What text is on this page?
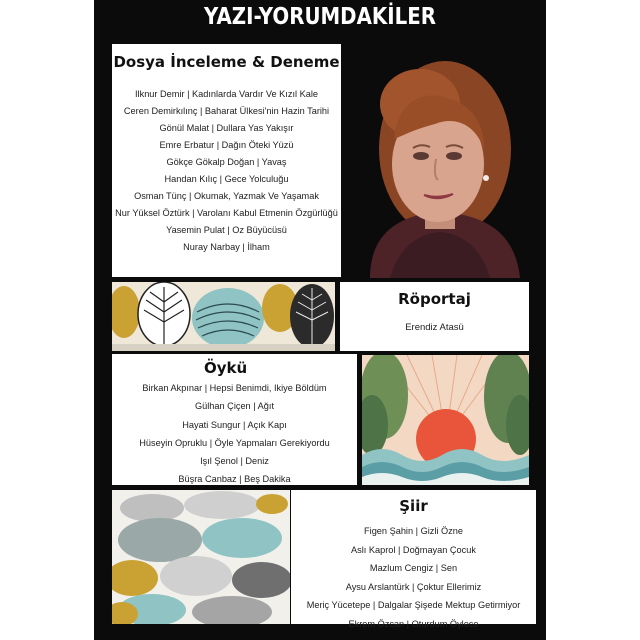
YAZI-YORUMDAKİLER
Dosya İnceleme & Deneme
Ilknur Demir | Kadınlarda Vardır Ve Kızıl Kale
Ceren Demirkılınç | Baharat Ülkesi'nin Hazin Tarihi
Gönül Malat | Dullara Yas Yakışır
Emre Erbatur | Dağın Öteki Yüzü
Gökçe Gökalp Doğan | Yavaş
Handan Kılıç | Gece Yolculuğu
Osman Tünç | Okumak, Yazmak Ve Yaşamak
Nur Yüksel Öztürk | Varolanı Kabul Etmenin Özgürlüğü
Yasemin Pulat | Oz Büyücüsü
Nuray Narbay | İlham
Röportaj
Erendiz Atasü
Öykü
Birkan Akpınar | Hepsi Benimdi, Ikiye Böldüm
Gülhan Çiçen | Ağıt
Hayati Sungur | Açık Kapı
Hüseyin Opruklu | Öyle Yapmaları Gerekiyordu
Işıl Şenol | Deniz
Büşra Canbaz | Beş Dakika
Şiir
Figen Şahin | Gizli Özne
Aslı Kaprol | Doğmayan Çocuk
Mazlum Cengiz | Sen
Aysu Arslantürk | Çoktur Ellerimiz
Meriç Yücetepe | Dalgalar Şişede Mektup Getirmiyor
Ekrem Özcan | Oturdum Öylece
